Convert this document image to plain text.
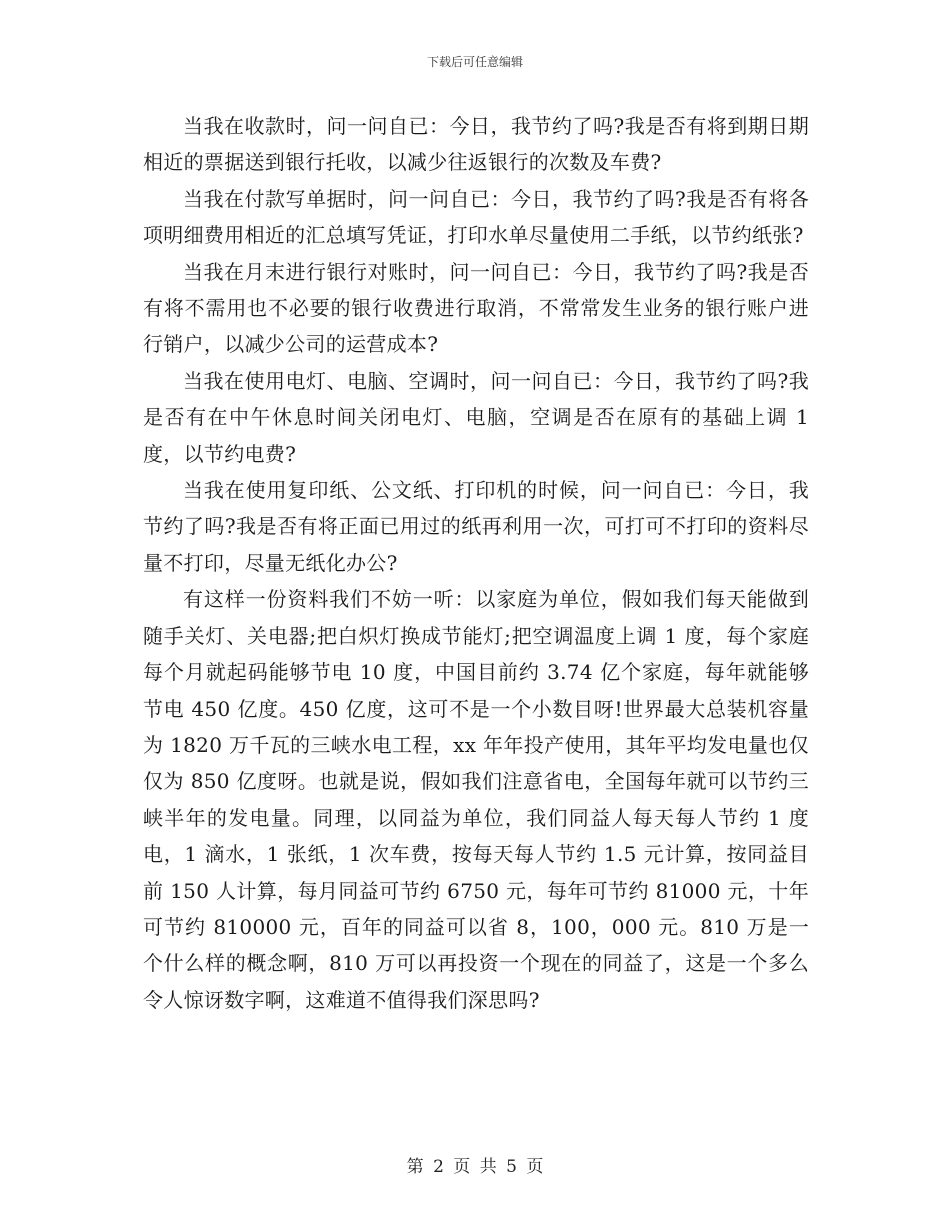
下载后可任意编辑

当我在收款时，问一问自已：今日，我节约了吗?我是否有将到期日期相近的票据送到银行托收，以减少往返银行的次数及车费?

当我在付款写单据时，问一问自已：今日，我节约了吗?我是否有将各项明细费用相近的汇总填写凭证，打印水单尽量使用二手纸，以节约纸张?

当我在月末进行银行对账时，问一问自已：今日，我节约了吗?我是否有将不需用也不必要的银行收费进行取消，不常常发生业务的银行账户进行销户，以减少公司的运营成本?

当我在使用电灯、电脑、空调时，问一问自已：今日，我节约了吗?我是否有在中午休息时间关闭电灯、电脑，空调是否在原有的基础上调 1 度，以节约电费?

当我在使用复印纸、公文纸、打印机的时候，问一问自已：今日，我节约了吗?我是否有将正面已用过的纸再利用一次，可打可不打印的资料尽量不打印，尽量无纸化办公?

有这样一份资料我们不妨一听：以家庭为单位，假如我们每天能做到随手关灯、关电器;把白炽灯换成节能灯;把空调温度上调 1 度，每个家庭每个月就起码能够节电 10 度，中国目前约 3.74 亿个家庭，每年就能够节电 450 亿度。450 亿度，这可不是一个小数目呀!世界最大总装机容量为 1820 万千瓦的三峡水电工程，xx 年年投产使用，其年平均发电量也仅仅为 850 亿度呀。也就是说，假如我们注意省电，全国每年就可以节约三峡半年的发电量。同理，以同益为单位，我们同益人每天每人节约 1 度电，1 滴水，1 张纸，1 次车费，按每天每人节约 1.5 元计算，按同益目前 150 人计算，每月同益可节约 6750 元，每年可节约 81000 元，十年可节约 810000 元，百年的同益可以省 8，100，000 元。810 万是一个什么样的概念啊，810 万可以再投资一个现在的同益了，这是一个多么令人惊讶数字啊，这难道不值得我们深思吗?

第 2 页 共 5 页
